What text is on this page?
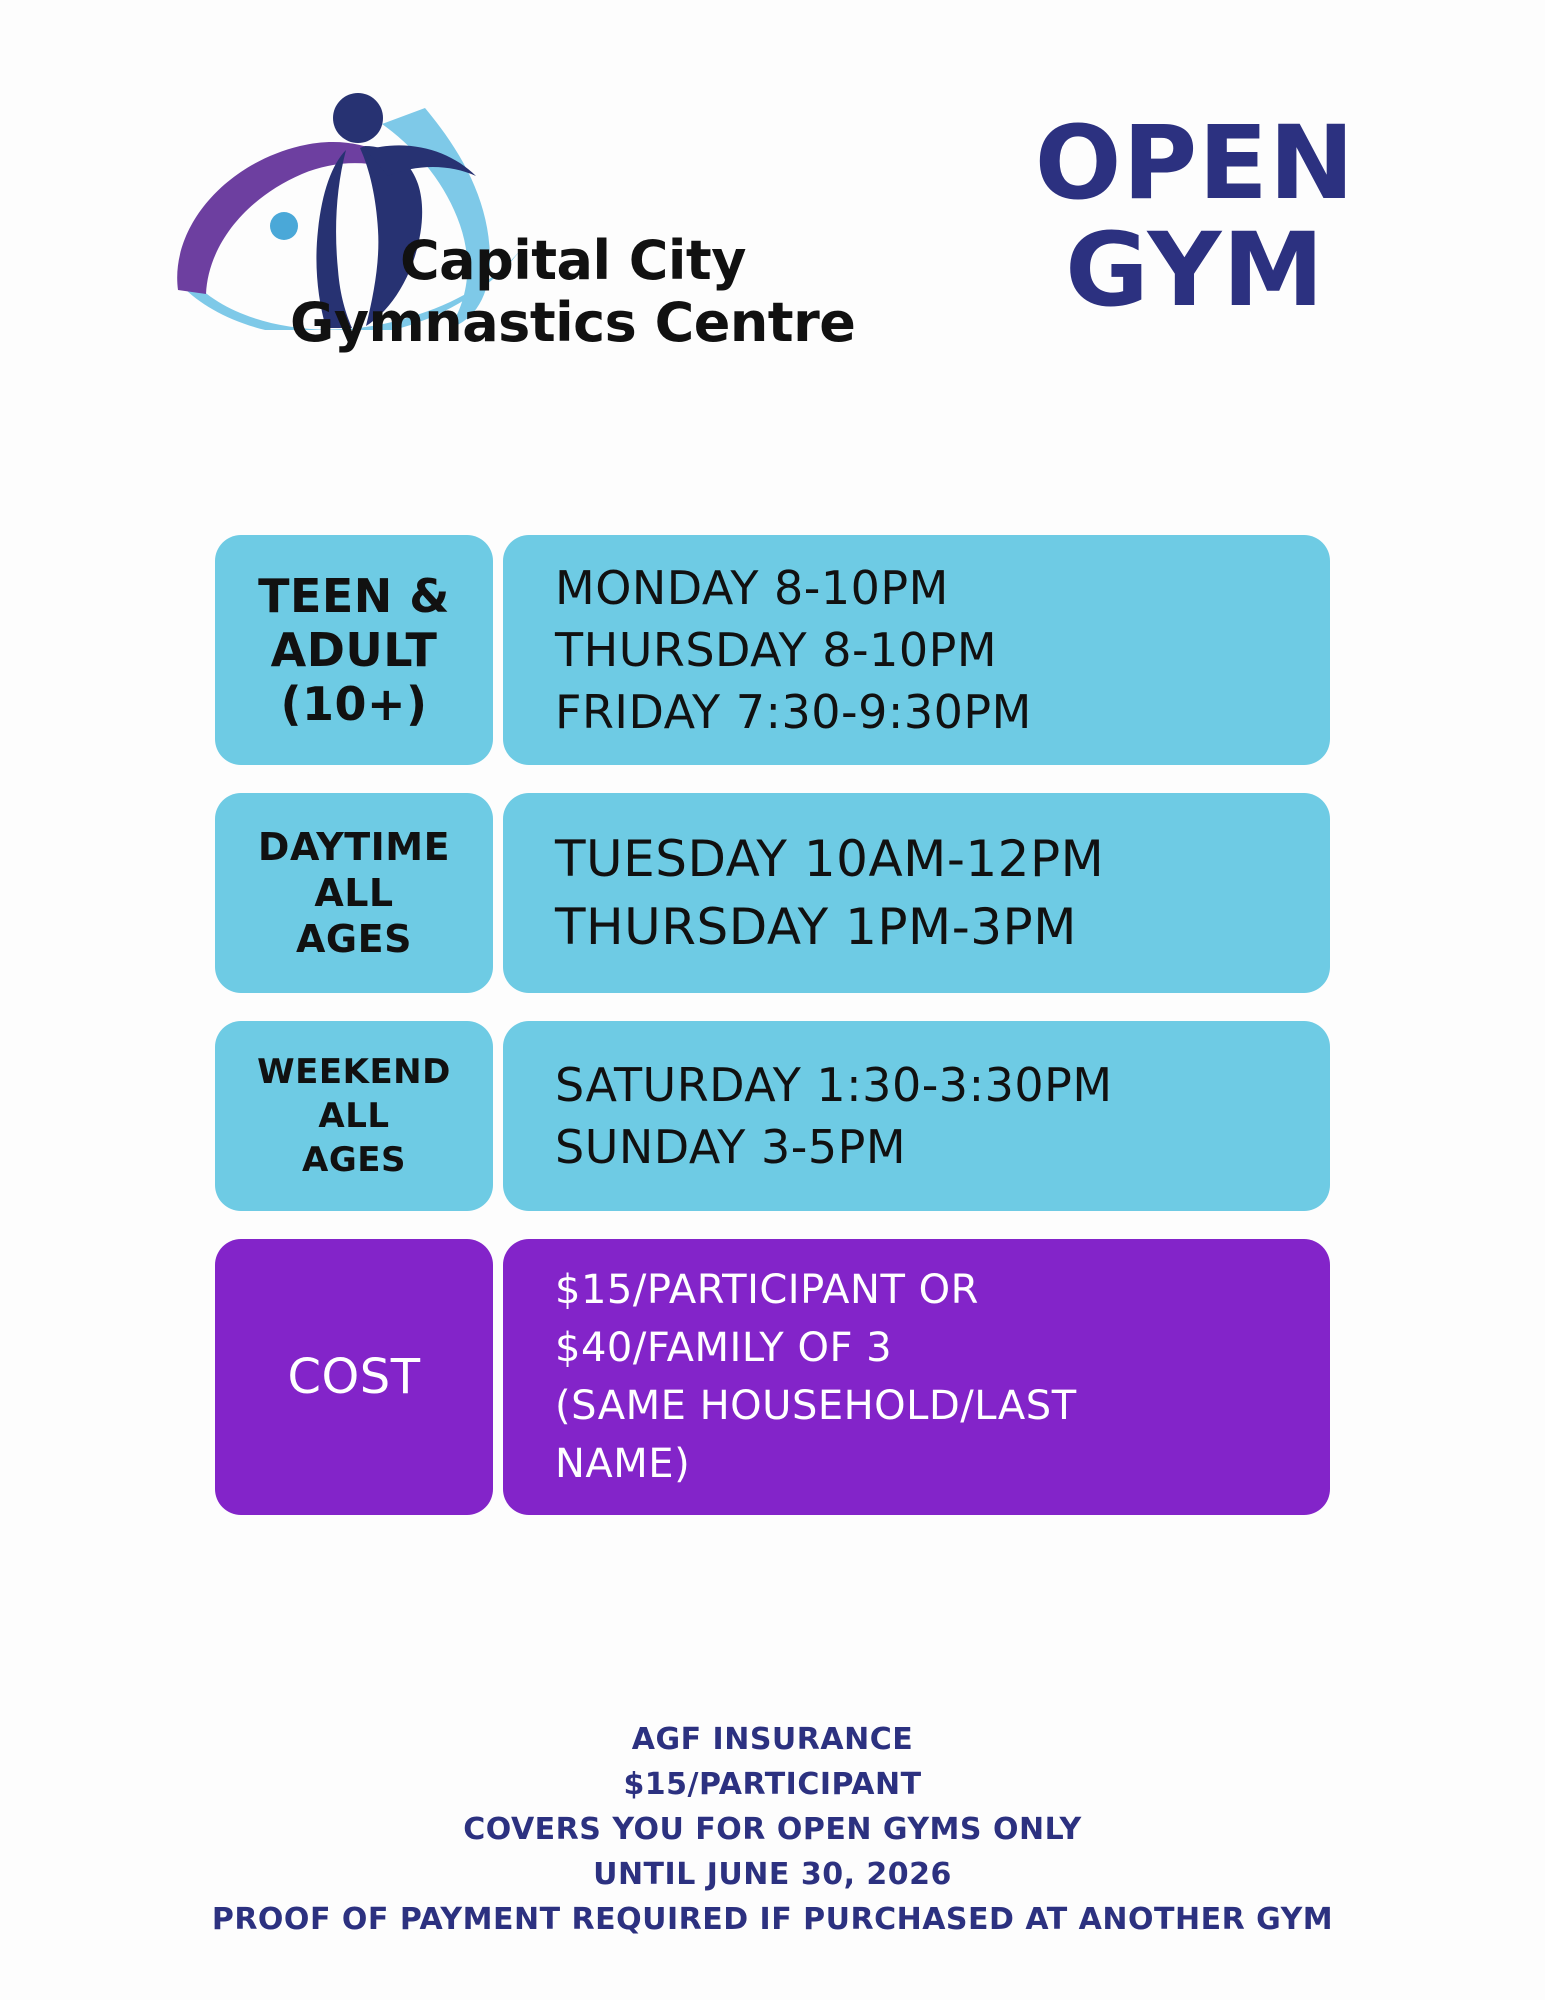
Capital City
Gymnastics Centre
OPEN
GYM
TEEN &
ADULT
(10+)
MONDAY 8-10PM
THURSDAY 8-10PM
FRIDAY 7:30-9:30PM
DAYTIME
ALL
AGES
TUESDAY 10AM-12PM
THURSDAY 1PM-3PM
WEEKEND
ALL
AGES
SATURDAY 1:30-3:30PM
SUNDAY 3-5PM
COST
$15/PARTICIPANT OR
$40/FAMILY OF 3
(SAME HOUSEHOLD/LAST
NAME)
AGF INSURANCE
$15/PARTICIPANT
COVERS YOU FOR OPEN GYMS ONLY
UNTIL JUNE 30, 2026
PROOF OF PAYMENT REQUIRED IF PURCHASED AT ANOTHER GYM
